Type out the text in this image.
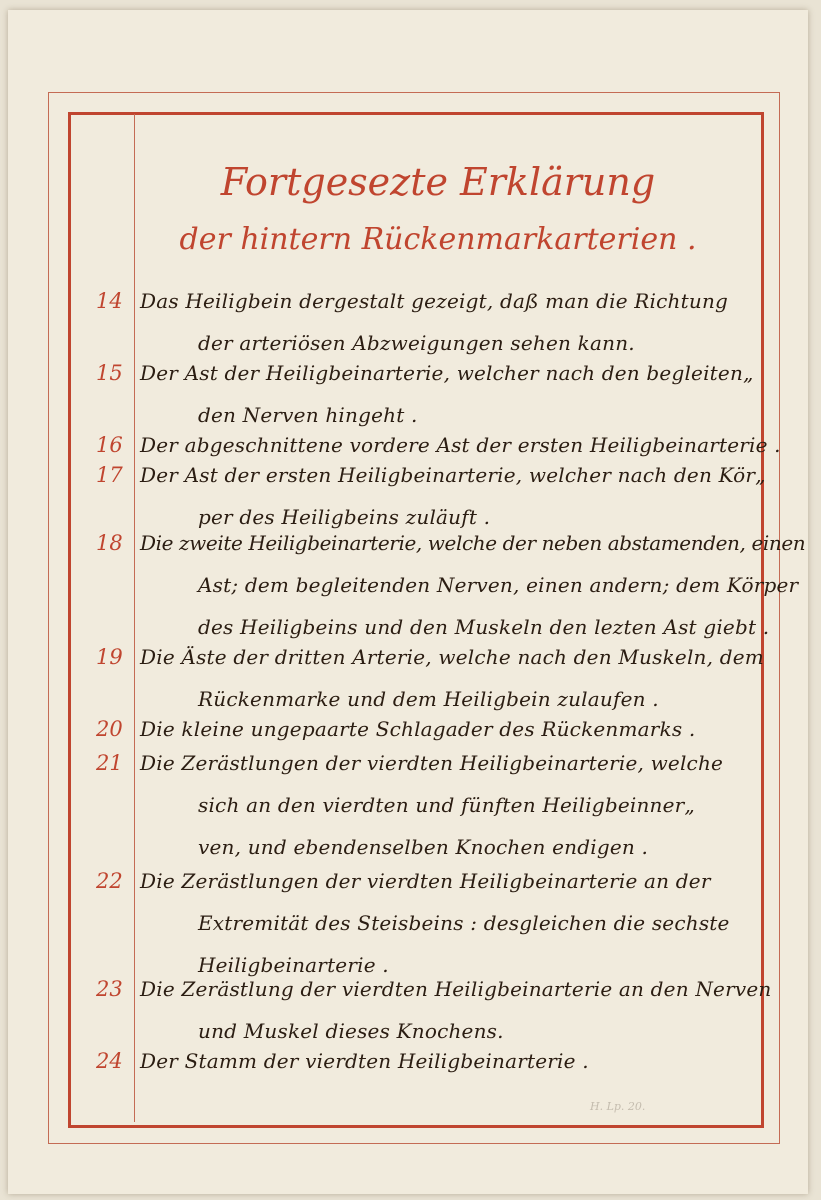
Fortgesezte Erklärung
der hintern Rückenmarkarterien .
14 Das Heiligbein dergestalt gezeigt, daß man die Richtung
der arteriösen Abzweigungen sehen kann.
15 Der Ast der Heiligbeinarterie, welcher nach den begleiten„
den Nerven hingeht .
16 Der abgeschnittene vordere Ast der ersten Heiligbeinarterie .
17 Der Ast der ersten Heiligbeinarterie, welcher nach den Kör„
per des Heiligbeins zuläuft .
18 Die zweite Heiligbeinarterie, welche der neben abstamenden, einen
Ast; dem begleitenden Nerven, einen andern; dem Körper
des Heiligbeins und den Muskeln den lezten Ast giebt .
19 Die Äste der dritten Arterie, welche nach den Muskeln, dem
Rückenmarke und dem Heiligbein zulaufen .
20 Die kleine ungepaarte Schlagader des Rückenmarks .
21 Die Zerästlungen der vierdten Heiligbeinarterie, welche
sich an den vierdten und fünften Heiligbeinner„
ven, und ebendenselben Knochen endigen .
22 Die Zerästlungen der vierdten Heiligbeinarterie an der
Extremität des Steisbeins : desgleichen die sechste
Heiligbeinarterie .
23 Die Zerästlung der vierdten Heiligbeinarterie an den Nerven
und Muskel dieses Knochens.
24 Der Stamm der vierdten Heiligbeinarterie .
H. Lp. 20.
